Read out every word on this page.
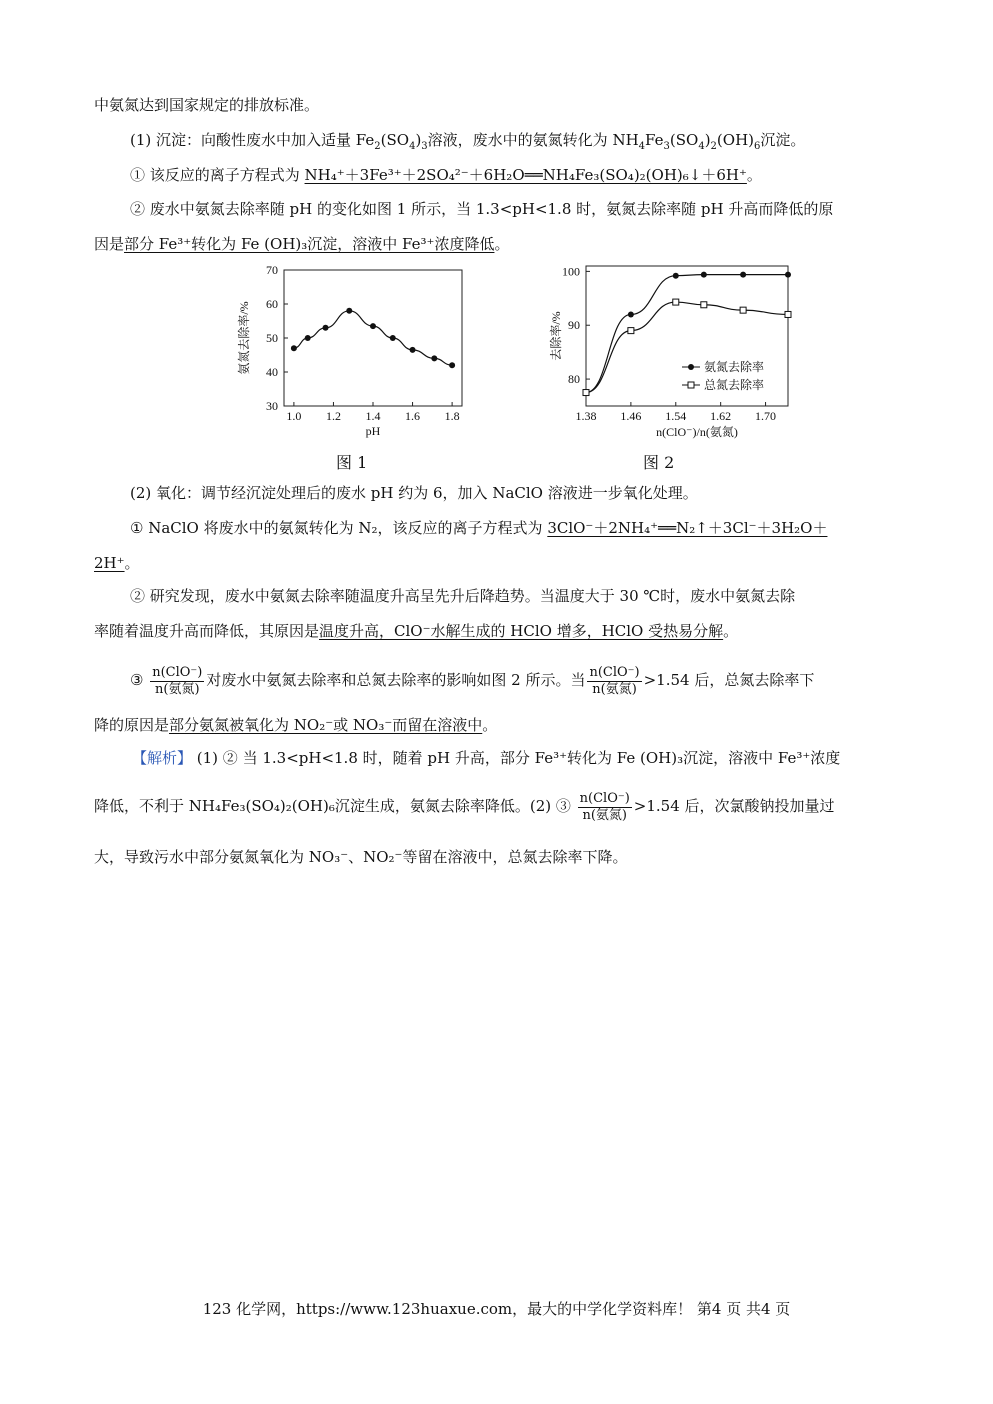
中氨氮达到国家规定的排放标准。
(1) 沉淀：向酸性废水中加入适量 $Fe_2(SO_4)_3$溶液，废水中的氨氮转化为 $NH_4Fe_3(SO_4)_2(OH)_6$沉淀。
① 该反应的离子方程式为 NH₄⁺＋3Fe³⁺＋2SO₄²⁻＋6H₂O══NH₄Fe₃(SO₄)₂(OH)₆↓＋6H⁺。
② 废水中氨氮去除率随 pH 的变化如图 1 所示，当 1.3<pH<1.8 时，氨氮去除率随 pH 升高而降低的原
因是部分 Fe³⁺转化为 Fe (OH)₃沉淀，溶液中 Fe³⁺浓度降低。
1.0 1.2 1.4 1.6 1.8
30
40
50
60
70
pH
氨氮去除率/%
图 1
1.38 1.46 1.54 1.62 1.70
80
90
100
n(ClO⁻)/n(氨氮)
去除率/%
氨氮去除率
总氮去除率
图 2
(2) 氧化：调节经沉淀处理后的废水 pH 约为 6，加入 NaClO 溶液进一步氧化处理。
① NaClO 将废水中的氨氮转化为 N₂，该反应的离子方程式为 3ClO⁻＋2NH₄⁺══N₂↑＋3Cl⁻＋3H₂O＋
2H⁺。
② 研究发现，废水中氨氮去除率随温度升高呈先升后降趋势。当温度大于 30 ℃时，废水中氨氮去除
率随着温度升高而降低，其原因是温度升高，ClO⁻水解生成的 HClO 增多，HClO 受热易分解。
③ $\frac{\text{n(ClO⁻)}}{\text{n(氨氮)}}$ 对废水中氨氮去除率和总氮去除率的影响如图 2 所示。当 $\frac{\text{n(ClO⁻)}}{\text{n(氨氮)}} >1.54$ 后，总氮去除率下
降的原因是部分氨氮被氧化为 NO₂⁻或 NO₃⁻而留在溶液中。
【解析】 (1) ② 当 1.3<pH<1.8 时，随着 pH 升高，部分 Fe³⁺转化为 Fe (OH)₃沉淀，溶液中 Fe³⁺浓度
降低，不利于 NH₄Fe₃(SO₄)₂(OH)₆沉淀生成，氨氮去除率降低。(2) ③ $\frac{\text{n(ClO⁻)}}{\text{n(氨氮)}} >1.54$ 后，次氯酸钠投加量过
大，导致污水中部分氨氮氧化为 NO₃⁻、NO₂⁻等留在溶液中，总氮去除率下降。
123 化学网，https://www.123huaxue.com，最大的中学化学资料库！ 第4 页 共4 页
